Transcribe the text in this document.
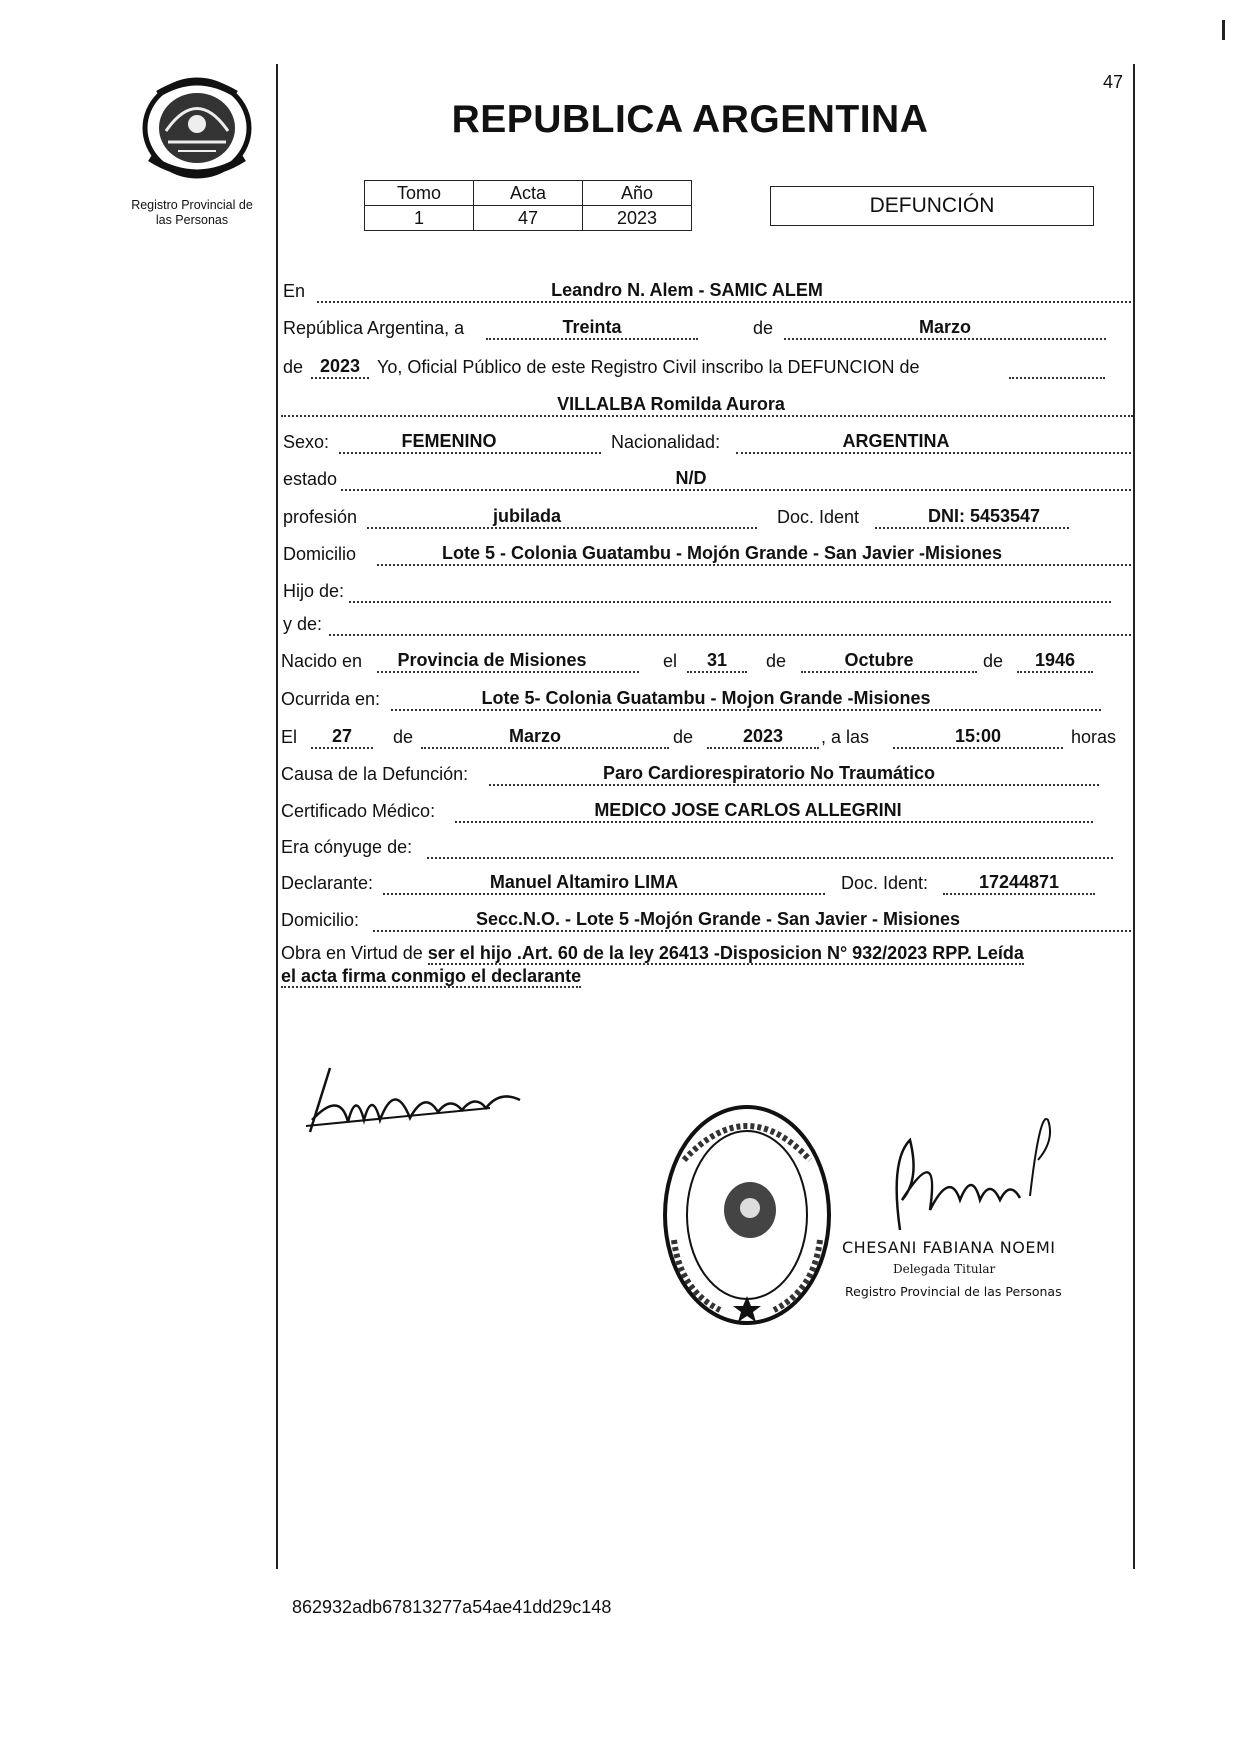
Registro Provincial de
las Personas
REPUBLICA ARGENTINA
47
Tomo	Acta	Año
1	47	2023
DEFUNCIÓN
En	Leandro N. Alem - SAMIC ALEM
República Argentina, a	Treinta	de	Marzo
de 2023 Yo, Oficial Público de este Registro Civil inscribo la DEFUNCION de
VILLALBA Romilda Aurora
Sexo:	FEMENINO	Nacionalidad:	ARGENTINA
estado	N/D
profesión	jubilada	Doc. Ident	DNI: 5453547
Domicilio	Lote 5 - Colonia Guatambu - Mojón Grande - San Javier -Misiones
Hijo de:
y de:
Nacido en	Provincia de Misiones	el	31	de	Octubre	de	1946
Ocurrida en:	Lote 5- Colonia Guatambu - Mojon Grande -Misiones
El	27	de	Marzo	de	2023	, a las	15:00	horas
Causa de la Defunción:	Paro Cardiorespiratorio No Traumático
Certificado Médico:	MEDICO JOSE CARLOS ALLEGRINI
Era cónyuge de:
Declarante:	Manuel Altamiro LIMA	Doc. Ident:	17244871
Domicilio:	Secc.N.O. - Lote 5 -Mojón Grande - San Javier - Misiones
Obra en Virtud de ser el hijo .Art. 60 de la ley 26413 -Disposicion N° 932/2023 RPP. Leída
el acta firma conmigo el declarante
CHESANI FABIANA NOEMI
Delegada Titular
Registro Provincial de las Personas
862932adb67813277a54ae41dd29c148
